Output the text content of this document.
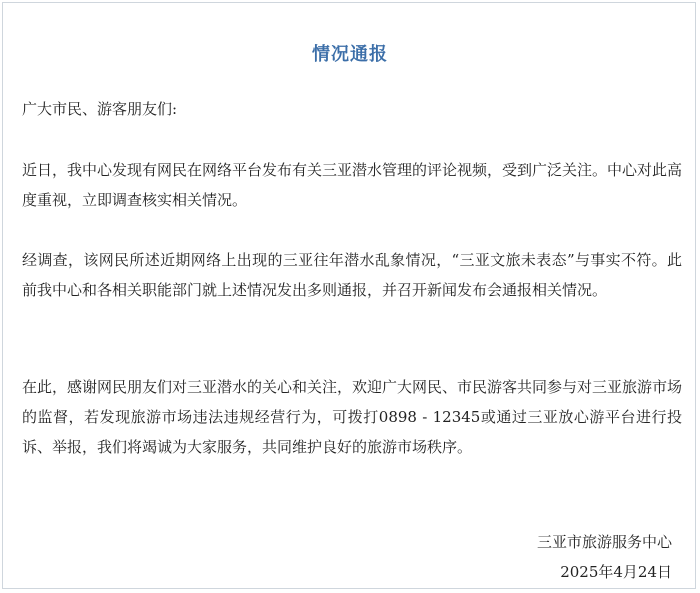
情况通报

广大市民、游客朋友们:

近日，我中心发现有网民在网络平台发布有关三亚潜水管理的评论视频，受到广泛关注。中心对此高度重视，立即调查核实相关情况。

经调查，该网民所述近期网络上出现的三亚往年潜水乱象情况，“三亚文旅未表态”与事实不符。此前我中心和各相关职能部门就上述情况发出多则通报，并召开新闻发布会通报相关情况。

在此，感谢网民朋友们对三亚潜水的关心和关注，欢迎广大网民、市民游客共同参与对三亚旅游市场的监督，若发现旅游市场违法违规经营行为，可拨打0898 - 12345或通过三亚放心游平台进行投诉、举报，我们将竭诚为大家服务，共同维护良好的旅游市场秩序。

三亚市旅游服务中心
2025年4月24日
